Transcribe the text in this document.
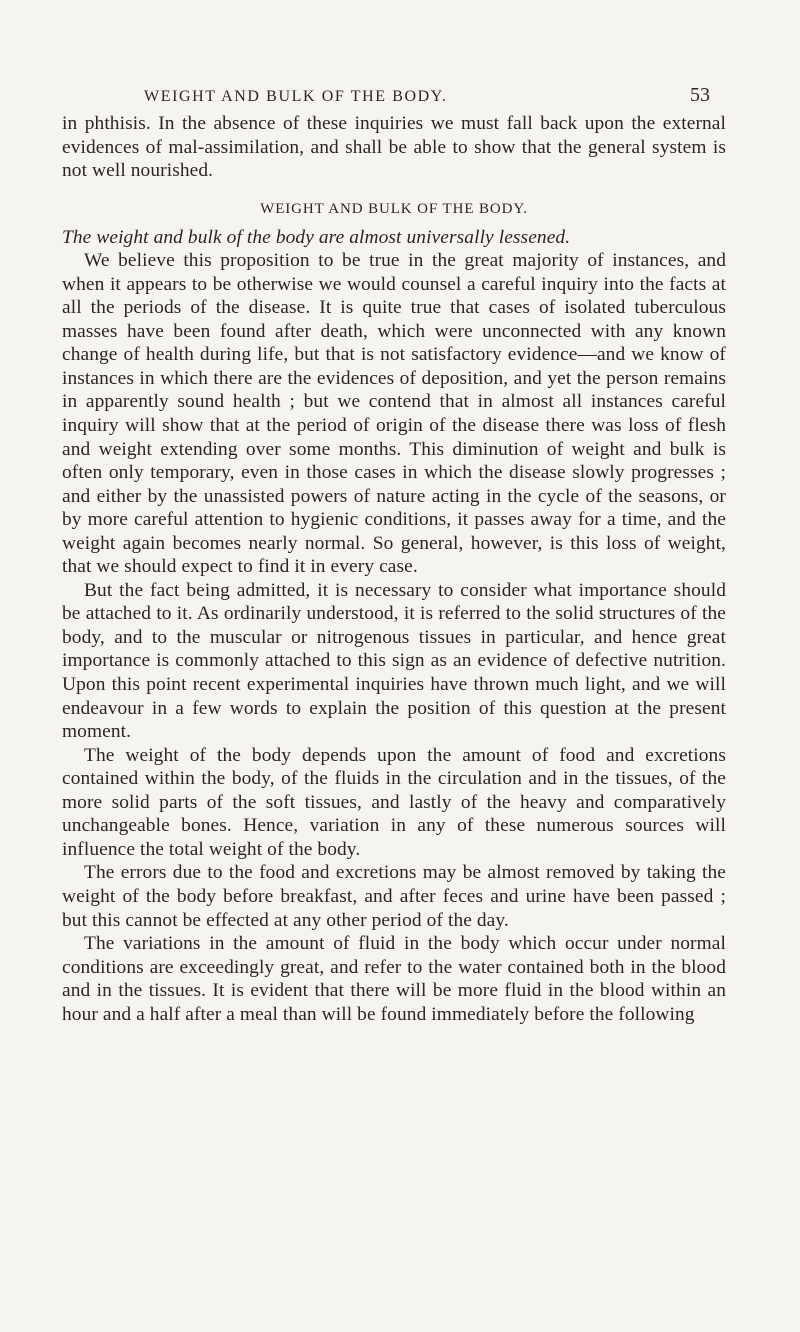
WEIGHT AND BULK OF THE BODY.	53

in phthisis. In the absence of these inquiries we must fall back upon the external evidences of mal-assimilation, and shall be able to show that the general system is not well nourished.

WEIGHT AND BULK OF THE BODY.

The weight and bulk of the body are almost universally lessened.

We believe this proposition to be true in the great majority of instances, and when it appears to be otherwise we would counsel a careful inquiry into the facts at all the periods of the disease. It is quite true that cases of isolated tuberculous masses have been found after death, which were unconnected with any known change of health during life, but that is not satisfactory evidence—and we know of instances in which there are the evidences of deposition, and yet the person remains in apparently sound health ; but we contend that in almost all instances careful inquiry will show that at the period of origin of the disease there was loss of flesh and weight extending over some months. This diminution of weight and bulk is often only temporary, even in those cases in which the disease slowly progresses ; and either by the unassisted powers of nature acting in the cycle of the seasons, or by more careful attention to hygienic conditions, it passes away for a time, and the weight again becomes nearly normal. So general, however, is this loss of weight, that we should expect to find it in every case.

But the fact being admitted, it is necessary to consider what importance should be attached to it. As ordinarily understood, it is referred to the solid structures of the body, and to the muscular or nitrogenous tissues in particular, and hence great importance is commonly attached to this sign as an evidence of defective nutrition. Upon this point recent experimental inquiries have thrown much light, and we will endeavour in a few words to explain the position of this question at the present moment.

The weight of the body depends upon the amount of food and excretions contained within the body, of the fluids in the circulation and in the tissues, of the more solid parts of the soft tissues, and lastly of the heavy and comparatively unchangeable bones. Hence, variation in any of these numerous sources will influence the total weight of the body.

The errors due to the food and excretions may be almost removed by taking the weight of the body before breakfast, and after feces and urine have been passed ; but this cannot be effected at any other period of the day.

The variations in the amount of fluid in the body which occur under normal conditions are exceedingly great, and refer to the water contained both in the blood and in the tissues. It is evident that there will be more fluid in the blood within an hour and a half after a meal than will be found immediately before the following
